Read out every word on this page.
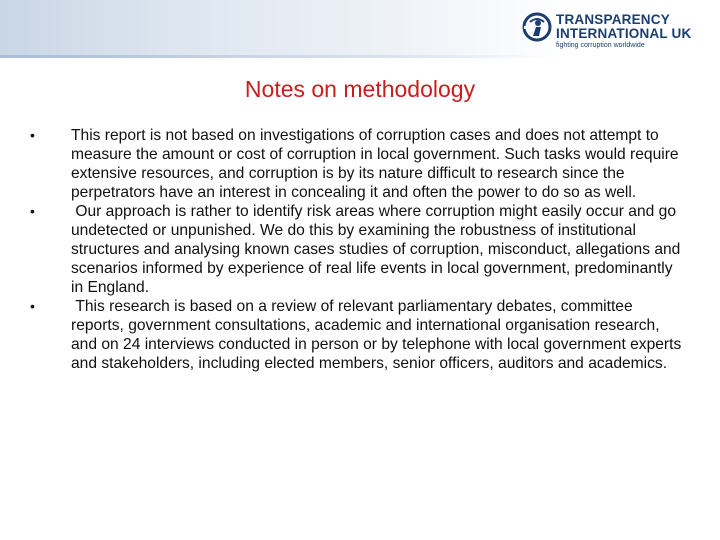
TRANSPARENCY
INTERNATIONAL UK
fighting corruption worldwide
Notes on methodology
• This report is not based on investigations of corruption cases and does not attempt to measure the amount or cost of corruption in local government. Such tasks would require extensive resources, and corruption is by its nature difficult to research since the perpetrators have an interest in concealing it and often the power to do so as well.
• Our approach is rather to identify risk areas where corruption might easily occur and go undetected or unpunished. We do this by examining the robustness of institutional structures and analysing known cases studies of corruption, misconduct, allegations and scenarios informed by experience of real life events in local government, predominantly in England.
• This research is based on a review of relevant parliamentary debates, committee reports, government consultations, academic and international organisation research, and on 24 interviews conducted in person or by telephone with local government experts and stakeholders, including elected members, senior officers, auditors and academics.
